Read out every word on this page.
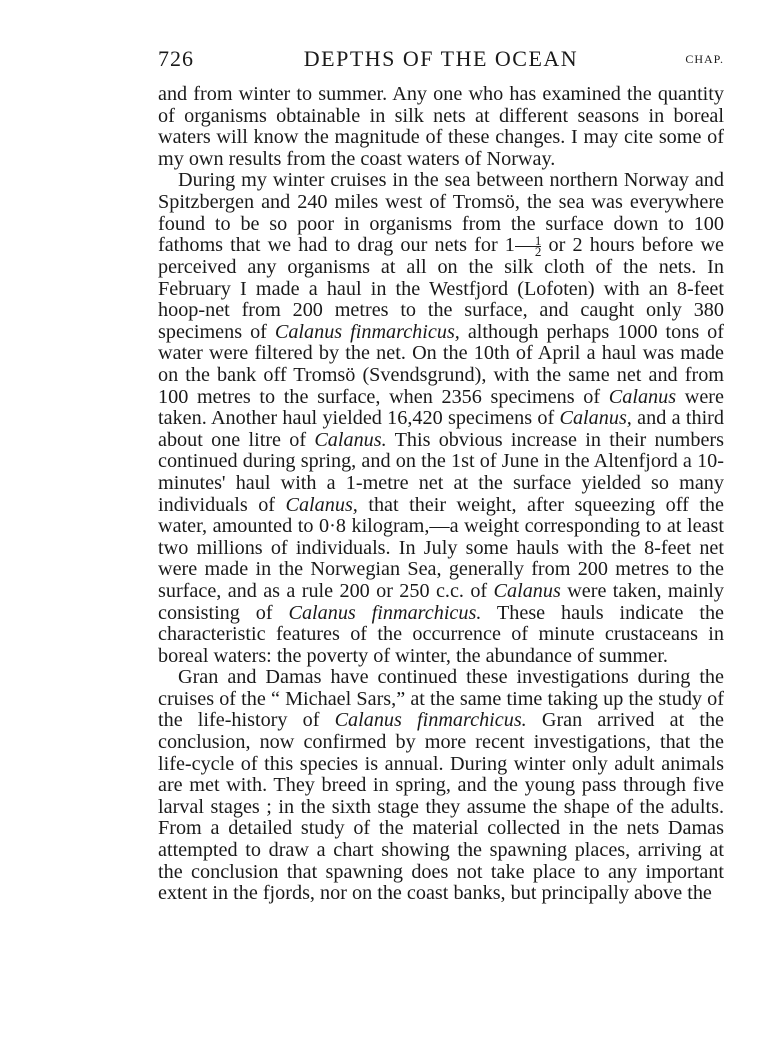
726	DEPTHS OF THE OCEAN	CHAP.

and from winter to summer. Any one who has examined the quantity of organisms obtainable in silk nets at different seasons in boreal waters will know the magnitude of these changes. I may cite some of my own results from the coast waters of Norway.

During my winter cruises in the sea between northern Norway and Spitzbergen and 240 miles west of Tromsö, the sea was everywhere found to be so poor in organisms from the surface down to 100 fathoms that we had to drag our nets for $1 \frac{1}{2}$ or 2 hours before we perceived any organisms at all on the silk cloth of the nets. In February I made a haul in the Westfjord (Lofoten) with an 8-feet hoop-net from 200 metres to the surface, and caught only 380 specimens of Calanus finmarchicus, although perhaps 1000 tons of water were filtered by the net. On the 10th of April a haul was made on the bank off Tromsö (Svendsgrund), with the same net and from 100 metres to the surface, when 2356 specimens of Calanus were taken. Another haul yielded 16,420 specimens of Calanus, and a third about one litre of Calanus. This obvious increase in their numbers continued during spring, and on the 1st of June in the Altenfjord a 10-minutes' haul with a 1-metre net at the surface yielded so many individuals of Calanus, that their weight, after squeezing off the water, amounted to 0·8 kilogram,—a weight corresponding to at least two millions of individuals. In July some hauls with the 8-feet net were made in the Norwegian Sea, generally from 200 metres to the surface, and as a rule 200 or 250 c.c. of Calanus were taken, mainly consisting of Calanus finmarchicus. These hauls indicate the characteristic features of the occurrence of minute crustaceans in boreal waters: the poverty of winter, the abundance of summer.

Gran and Damas have continued these investigations during the cruises of the “ Michael Sars,” at the same time taking up the study of the life-history of Calanus finmarchicus. Gran arrived at the conclusion, now confirmed by more recent investigations, that the life-cycle of this species is annual. During winter only adult animals are met with. They breed in spring, and the young pass through five larval stages ; in the sixth stage they assume the shape of the adults. From a detailed study of the material collected in the nets Damas attempted to draw a chart showing the spawning places, arriving at the conclusion that spawning does not take place to any important extent in the fjords, nor on the coast banks, but principally above the
